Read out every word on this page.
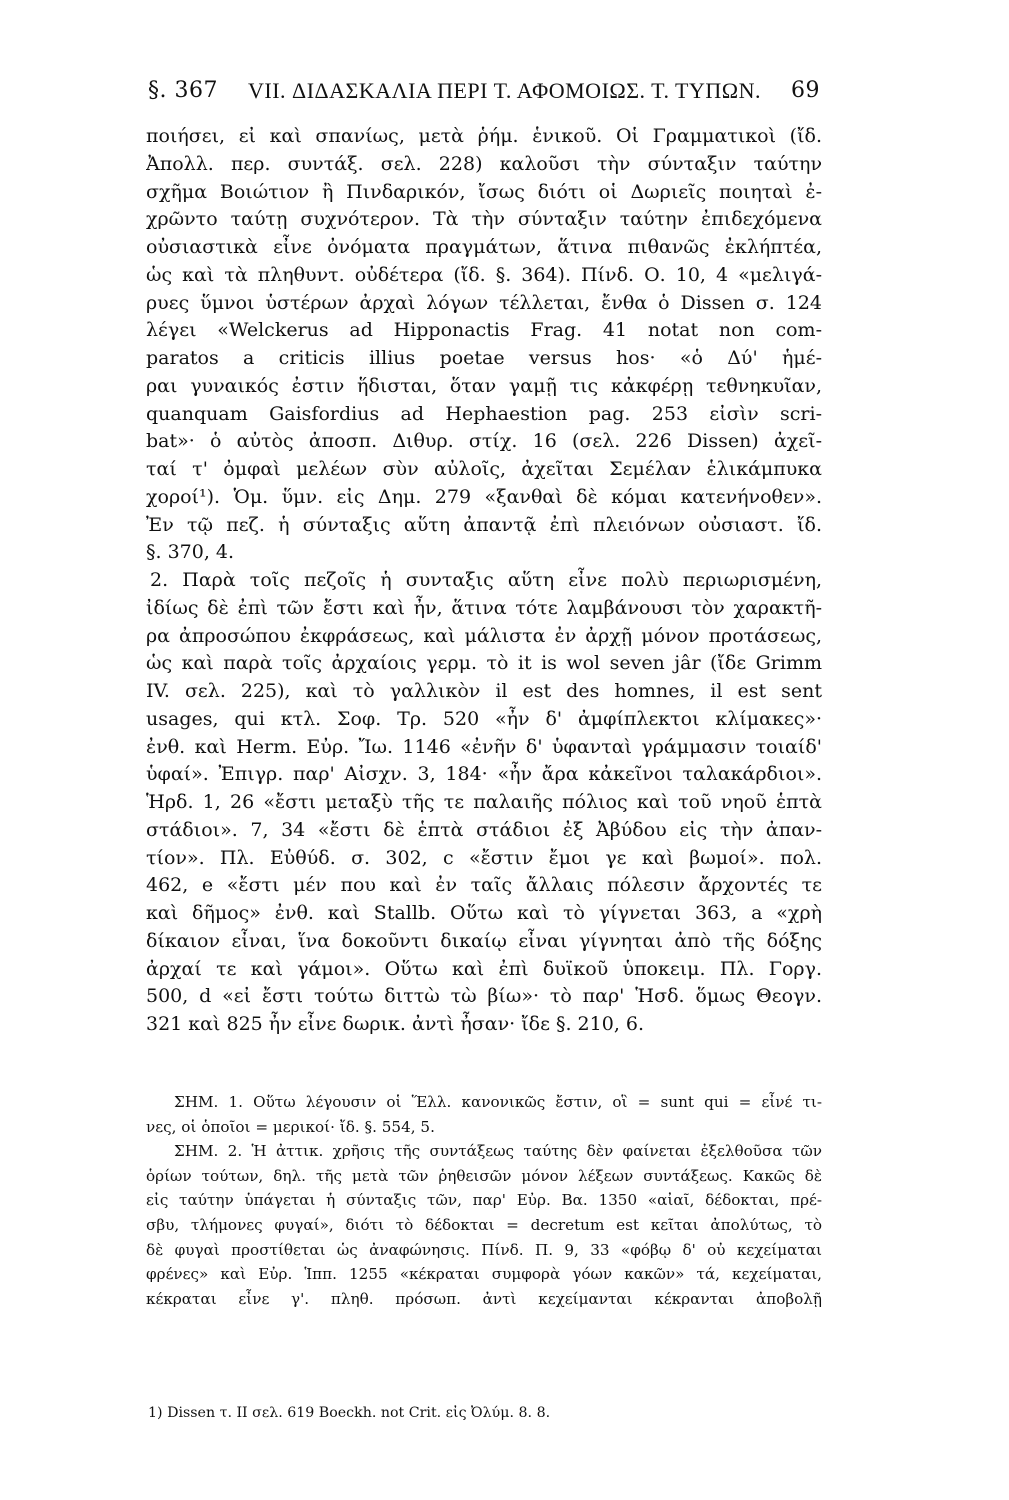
§. 367 VII. ΔΙΔΑΣΚΑΛΙΑ ΠΕΡΙ Τ. ΑΦΟΜΟΙΩΣ. Τ. ΤΥΠΩΝ. 69
ποιήσει, εἰ καὶ σπανίως, μετὰ ῥήμ. ἑνικοῦ. Οἱ Γραμματικοὶ (ἴδ.
Ἀπολλ. περ. συντάξ. σελ. 228) καλοῦσι τὴν σύνταξιν ταύτην
σχῆμα Βοιώτιον ἢ Πινδαρικόν, ἴσως διότι οἱ Δωριεῖς ποιηταὶ ἐ-
χρῶντο ταύτῃ συχνότερον. Τὰ τὴν σύνταξιν ταύτην ἐπιδεχόμενα
οὐσιαστικὰ εἶνε ὀνόματα πραγμάτων, ἅτινα πιθανῶς ἐκλήπτέα,
ὡς καὶ τὰ πληθυντ. οὐδέτερα (ἴδ. §. 364). Πίνδ. Ο. 10, 4 «μελιγά-
ρυες ὕμνοι ὑστέρων ἀρχαὶ λόγων τέλλεται, ἔνθα ὁ Dissen σ. 124
λέγει «Welckerus ad Hipponactis Frag. 41 notat non com-
paratos a criticis illius poetae versus hos· «ὁ Δύ' ἡμέ-
ραι γυναικός ἐστιν ἥδισται, ὅταν γαμῇ τις κἀκφέρῃ τεθνηκυῖαν,
quanquam Gaisfordius ad Hephaestion pag. 253 εἰσὶν scri-
bat»· ὁ αὐτὸς ἀποσπ. Διθυρ. στίχ. 16 (σελ. 226 Dissen) ἀχεῖ-
ταί τ' ὀμφαὶ μελέων σὺν αὐλοῖς, ἀχεῖται Σεμέλαν ἑλικάμπυκα
χοροί¹). Ὁμ. ὕμν. εἰς Δημ. 279 «ξανθαὶ δὲ κόμαι κατενήνοθεν».
Ἐν τῷ πεζ. ἡ σύνταξις αὕτη ἀπαντᾷ ἐπὶ πλειόνων οὐσιαστ. ἴδ.
§. 370, 4.
2. Παρὰ τοῖς πεζοῖς ἡ συνταξις αὕτη εἶνε πολὺ περιωρισμένη,
ἰδίως δὲ ἐπὶ τῶν ἔστι καὶ ἦν, ἅτινα τότε λαμβάνουσι τὸν χαρακτῆ-
ρα ἀπροσώπου ἐκφράσεως, καὶ μάλιστα ἐν ἀρχῇ μόνον προτάσεως,
ὡς καὶ παρὰ τοῖς ἀρχαίοις γερμ. τὸ it is wol seven jâr (ἴδε Grimm
IV. σελ. 225), καὶ τὸ γαλλικὸν il est des homnes, il est sent
usages, qui κτλ. Σοφ. Τρ. 520 «ἦν δ' ἀμφίπλεκτοι κλίμακες»·
ἐνθ. καὶ Herm. Εὐρ. Ἴω. 1146 «ἐνῆν δ' ὑφανταὶ γράμμασιν τοιαίδ'
ὑφαί». Ἐπιγρ. παρ' Αἰσχν. 3, 184· «ἦν ἄρα κἀκεῖνοι ταλακάρδιοι».
Ἡρδ. 1, 26 «ἔστι μεταξὺ τῆς τε παλαιῆς πόλιος καὶ τοῦ νηοῦ ἑπτὰ
στάδιοι». 7, 34 «ἔστι δὲ ἑπτὰ στάδιοι ἐξ Ἀβύδου εἰς τὴν ἀπαν-
τίον». Πλ. Εὐθύδ. σ. 302, c «ἔστιν ἔμοι γε καὶ βωμοί». πολ.
462, e «ἔστι μέν που καὶ ἐν ταῖς ἄλλαις πόλεσιν ἄρχοντές τε
καὶ δῆμος» ἐνθ. καὶ Stallb. Οὕτω καὶ τὸ γίγνεται 363, a «χρὴ
δίκαιον εἶναι, ἵνα δοκοῦντι δικαίῳ εἶναι γίγνηται ἀπὸ τῆς δόξης
ἀρχαί τε καὶ γάμοι». Οὕτω καὶ ἐπὶ δυϊκοῦ ὑποκειμ. Πλ. Γοργ.
500, d «εἰ ἔστι τούτω διττὼ τὼ βίω»· τὸ παρ' Ἡσδ. ὅμως Θεογν.
321 καὶ 825 ἦν εἶνε δωρικ. ἀντὶ ἦσαν· ἴδε §. 210, 6.
ΣΗΜ. 1. Οὕτω λέγουσιν οἱ Ἕλλ. κανονικῶς ἔστιν, οἳ = sunt qui = εἶνέ τι-
νες, οἱ ὁποῖοι = μερικοί· ἴδ. §. 554, 5.
ΣΗΜ. 2. Ἡ ἀττικ. χρῆσις τῆς συντάξεως ταύτης δὲν φαίνεται ἐξελθοῦσα τῶν
ὁρίων τούτων, δηλ. τῆς μετὰ τῶν ῥηθεισῶν μόνον λέξεων συντάξεως. Κακῶς δὲ
εἰς ταύτην ὑπάγεται ἡ σύνταξις τῶν, παρ' Εὐρ. Βα. 1350 «αἰαῖ, δέδοκται, πρέ-
σβυ, τλήμονες φυγαί», διότι τὸ δέδοκται = decretum est κεῖται ἀπολύτως, τὸ
δὲ φυγαὶ προστίθεται ὡς ἀναφώνησις. Πίνδ. Π. 9, 33 «φόβῳ δ' οὐ κεχείμαται
φρένες» καὶ Εὐρ. Ἱππ. 1255 «κέκραται συμφορὰ γόων κακῶν» τά, κεχείμαται,
κέκραται εἶνε γ'. πληθ. πρόσωπ. ἀντὶ κεχείμανται κέκρανται ἀποβολῇ
1) Dissen τ. II σελ. 619 Boeckh. not Crit. εἰς Ὀλύμ. 8. 8.
